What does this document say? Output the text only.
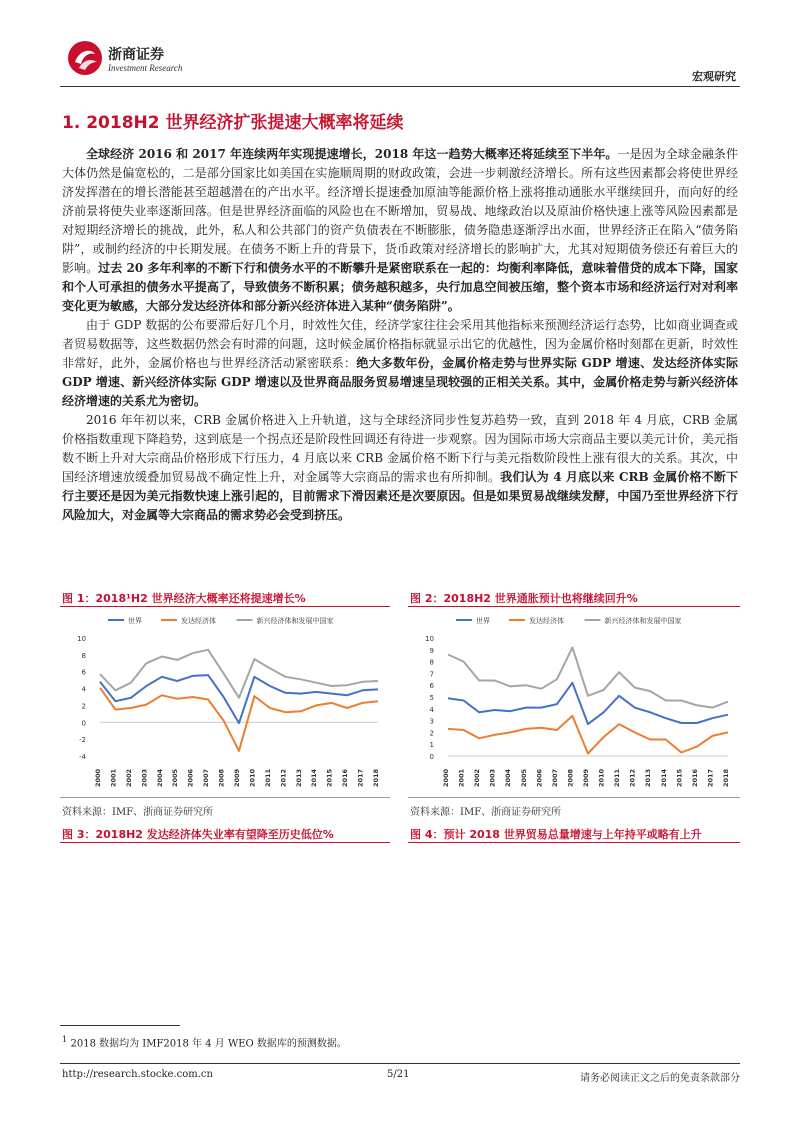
浙商证券
Investment Research
宏观研究
1. 2018H2 世界经济扩张提速大概率将延续

全球经济 2016 和 2017 年连续两年实现提速增长，2018 年这一趋势大概率还将延续至下半年。一是因为全球金融条件大体仍然是偏宽松的，二是部分国家比如美国在实施顺周期的财政政策，会进一步刺激经济增长。所有这些因素都会将使世界经济发挥潜在的增长潜能甚至超越潜在的产出水平。经济增长提速叠加原油等能源价格上涨将推动通胀水平继续回升，而向好的经济前景将使失业率逐渐回落。但是世界经济面临的风险也在不断增加，贸易战、地缘政治以及原油价格快速上涨等风险因素都是对短期经济增长的挑战，此外，私人和公共部门的资产负债表在不断膨胀，债务隐患逐渐浮出水面，世界经济正在陷入“债务陷阱”，或制约经济的中长期发展。在债务不断上升的背景下，货币政策对经济增长的影响扩大，尤其对短期债务偿还有着巨大的影响。过去 20 多年利率的不断下行和债务水平的不断攀升是紧密联系在一起的：均衡利率降低，意味着借贷的成本下降，国家和个人可承担的债务水平提高了，导致债务不断积累；债务越积越多，央行加息空间被压缩，整个资本市场和经济运行对对利率变化更为敏感，大部分发达经济体和部分新兴经济体进入某种“债务陷阱”。

由于 GDP 数据的公布要滞后好几个月，时效性欠佳，经济学家往往会采用其他指标来预测经济运行态势，比如商业调查或者贸易数据等，这些数据仍然会有时滞的问题，这时候金属价格指标就显示出它的优越性，因为金属价格时刻都在更新，时效性非常好，此外，金属价格也与世界经济活动紧密联系：绝大多数年份，金属价格走势与世界实际 GDP 增速、发达经济体实际 GDP 增速、新兴经济体实际 GDP 增速以及世界商品服务贸易增速呈现较强的正相关关系。其中，金属价格走势与新兴经济体经济增速的关系尤为密切。

2016 年年初以来，CRB 金属价格进入上升轨道，这与全球经济同步性复苏趋势一致，直到 2018 年 4 月底，CRB 金属价格指数重现下降趋势，这到底是一个拐点还是阶段性回调还有待进一步观察。因为国际市场大宗商品主要以美元计价，美元指数不断上升对大宗商品价格形成下行压力，4 月底以来 CRB 金属价格不断下行与美元指数阶段性上涨有很大的关系。其次，中国经济增速放缓叠加贸易战不确定性上升，对金属等大宗商品的需求也有所抑制。我们认为 4 月底以来 CRB 金属价格不断下行主要还是因为美元指数快速上涨引起的，目前需求下滑因素还是次要原因。但是如果贸易战继续发酵，中国乃至世界经济下行风险加大，对金属等大宗商品的需求势必会受到挤压。

图 1：2018¹H2 世界经济大概率还将提速增长%
世界	发达经济体	新兴经济体和发展中国家
-4
-2
0
2
4
6
8
10
2000 2001 2002 2003 2004 2005 2006 2007 2008 2009 2010 2011 2012 2013 2014 2015 2016 2017 2018
资料来源：IMF、浙商证券研究所
图 2：2018H2 世界通胀预计也将继续回升%
世界	发达经济体	新兴经济体和发展中国家
0
1
2
3
4
5
6
7
8
9
10
2000 2001 2002 2003 2004 2005 2006 2007 2008 2009 2010 2011 2012 2013 2014 2015 2016 2017 2018
资料来源：IMF、浙商证券研究所
图 3：2018H2 发达经济体失业率有望降至历史低位%	图 4：预计 2018 世界贸易总量增速与上年持平或略有上升
$^1$ 2018 数据均为 IMF2018 年 4 月 WEO 数据库的预测数据。
http://research.stocke.com.cn	5/21	请务必阅读正文之后的免责条款部分
